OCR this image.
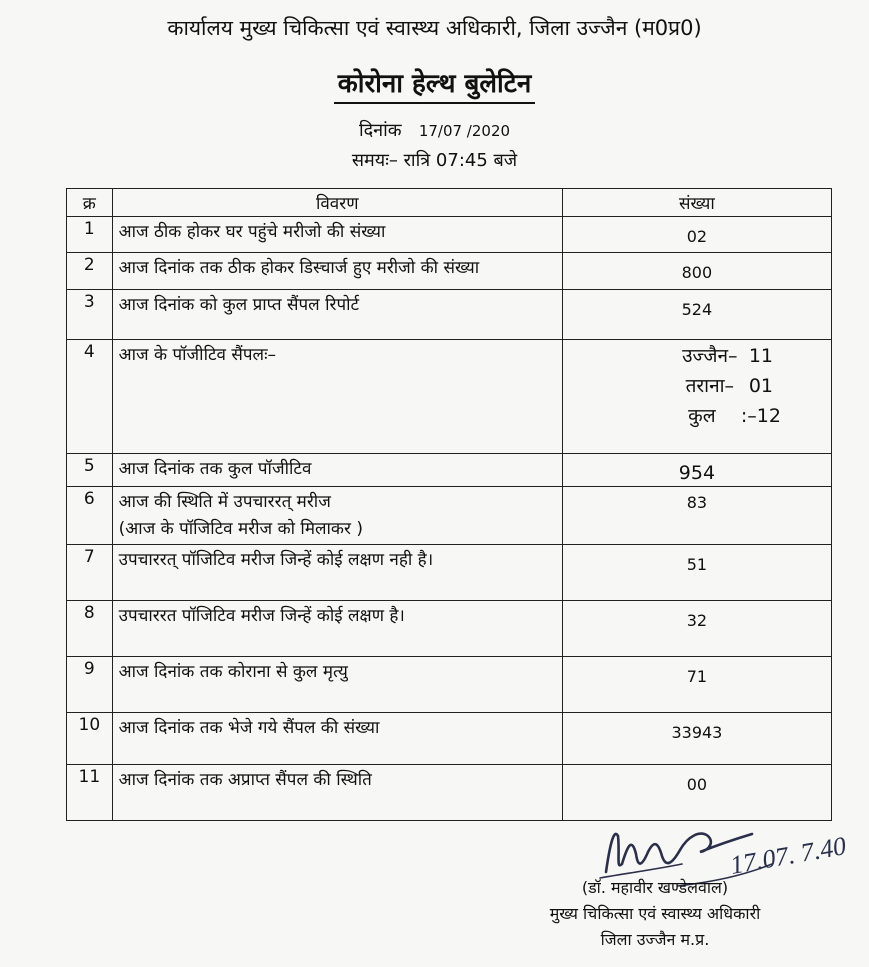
कार्यालय मुख्य चिकित्सा एवं स्वास्थ्य अधिकारी, जिला उज्जैन (म0प्र0)
कोरोना हेल्थ बुलेटिन
दिनांक 17/07 /2020
समयः– रात्रि 07:45 बजे
क्र	विवरण	संख्या
1	आज ठीक होकर घर पहुंचे मरीजो की संख्या	02
2	आज दिनांक तक ठीक होकर डिस्चार्ज हुए मरीजो की संख्या	800
3	आज दिनांक को कुल प्राप्त सैंपल रिपोर्ट	524
4	आज के पॉजीटिव सैंपलः–	उज्जैन– 11
तराना– 01
कुल :–12

5	आज दिनांक तक कुल पॉजीटिव	954
6	आज की स्थिति में उपचाररत् मरीज
(आज के पॉजिटिव मरीज को मिलाकर )	83
7	उपचाररत् पॉजिटिव मरीज जिन्हें कोई लक्षण नही है।	51
8	उपचाररत पॉजिटिव मरीज जिन्हें कोई लक्षण है।	32
9	आज दिनांक तक कोराना से कुल मृत्यु	71
10	आज दिनांक तक भेजे गये सैंपल की संख्या	33943
11	आज दिनांक तक अप्राप्त सैंपल की स्थिति	00
17.07. 7.40
(डॉ. महावीर खण्डेलवाल)
मुख्य चिकित्सा एवं स्वास्थ्य अधिकारी
जिला उज्जैन म.प्र.
